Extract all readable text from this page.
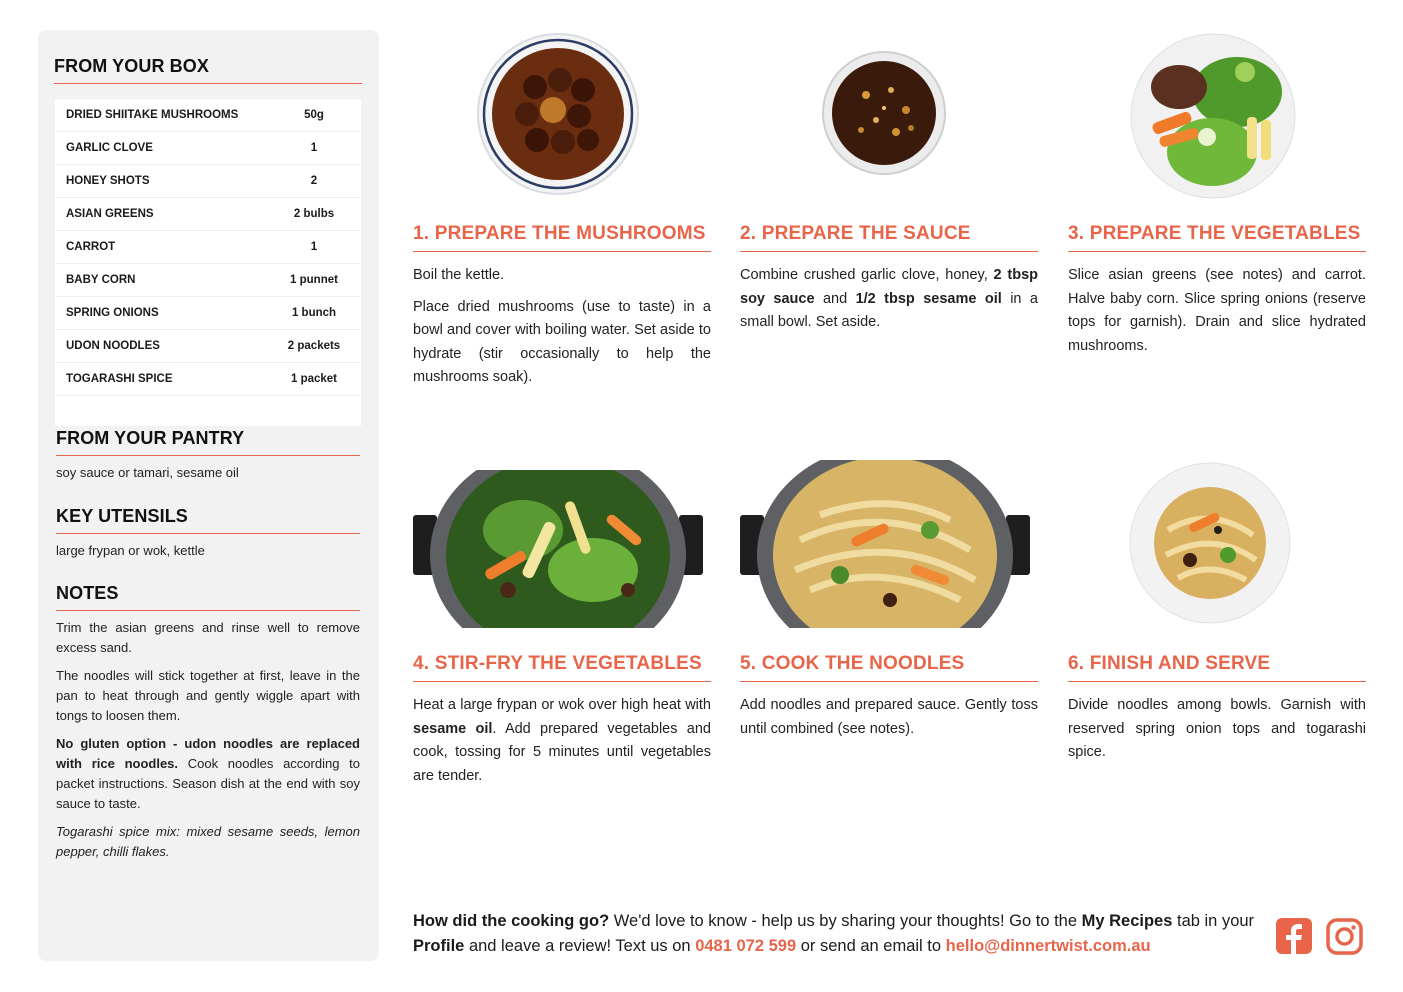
FROM YOUR BOX
DRIED SHIITAKE MUSHROOMS	50g
GARLIC CLOVE	1
HONEY SHOTS	2
ASIAN GREENS	2 bulbs
CARROT	1
BABY CORN	1 punnet
SPRING ONIONS	1 bunch
UDON NOODLES	2 packets
TOGARASHI SPICE	1 packet

FROM YOUR PANTRY
soy sauce or tamari, sesame oil
KEY UTENSILS
large frypan or wok, kettle
NOTES

Trim the asian greens and rinse well to remove excess sand.

The noodles will stick together at first, leave in the pan to heat through and gently wiggle apart with tongs to loosen them.

No gluten option - udon noodles are replaced with rice noodles. Cook noodles according to packet instructions. Season dish at the end with soy sauce to taste.

Togarashi spice mix: mixed sesame seeds, lemon pepper, chilli flakes.

1. PREPARE THE MUSHROOMS

Boil the kettle.

Place dried mushrooms (use to taste) in a bowl and cover with boiling water. Set aside to hydrate (stir occasionally to help the mushrooms soak).

2. PREPARE THE SAUCE

Combine crushed garlic clove, honey, 2 tbsp soy sauce and 1/2 tbsp sesame oil in a small bowl. Set aside.

3. PREPARE THE VEGETABLES

Slice asian greens (see notes) and carrot. Halve baby corn. Slice spring onions (reserve tops for garnish). Drain and slice hydrated mushrooms.

4. STIR-FRY THE VEGETABLES

Heat a large frypan or wok over high heat with sesame oil. Add prepared vegetables and cook, tossing for 5 minutes until vegetables are tender.

5. COOK THE NOODLES

Add noodles and prepared sauce. Gently toss until combined (see notes).

6. FINISH AND SERVE

Divide noodles among bowls. Garnish with reserved spring onion tops and togarashi spice.

How did the cooking go? We'd love to know - help us by sharing your thoughts! Go to the My Recipes tab in your Profile and leave a review! Text us on 0481 072 599 or send an email to hello@dinnertwist.com.au
